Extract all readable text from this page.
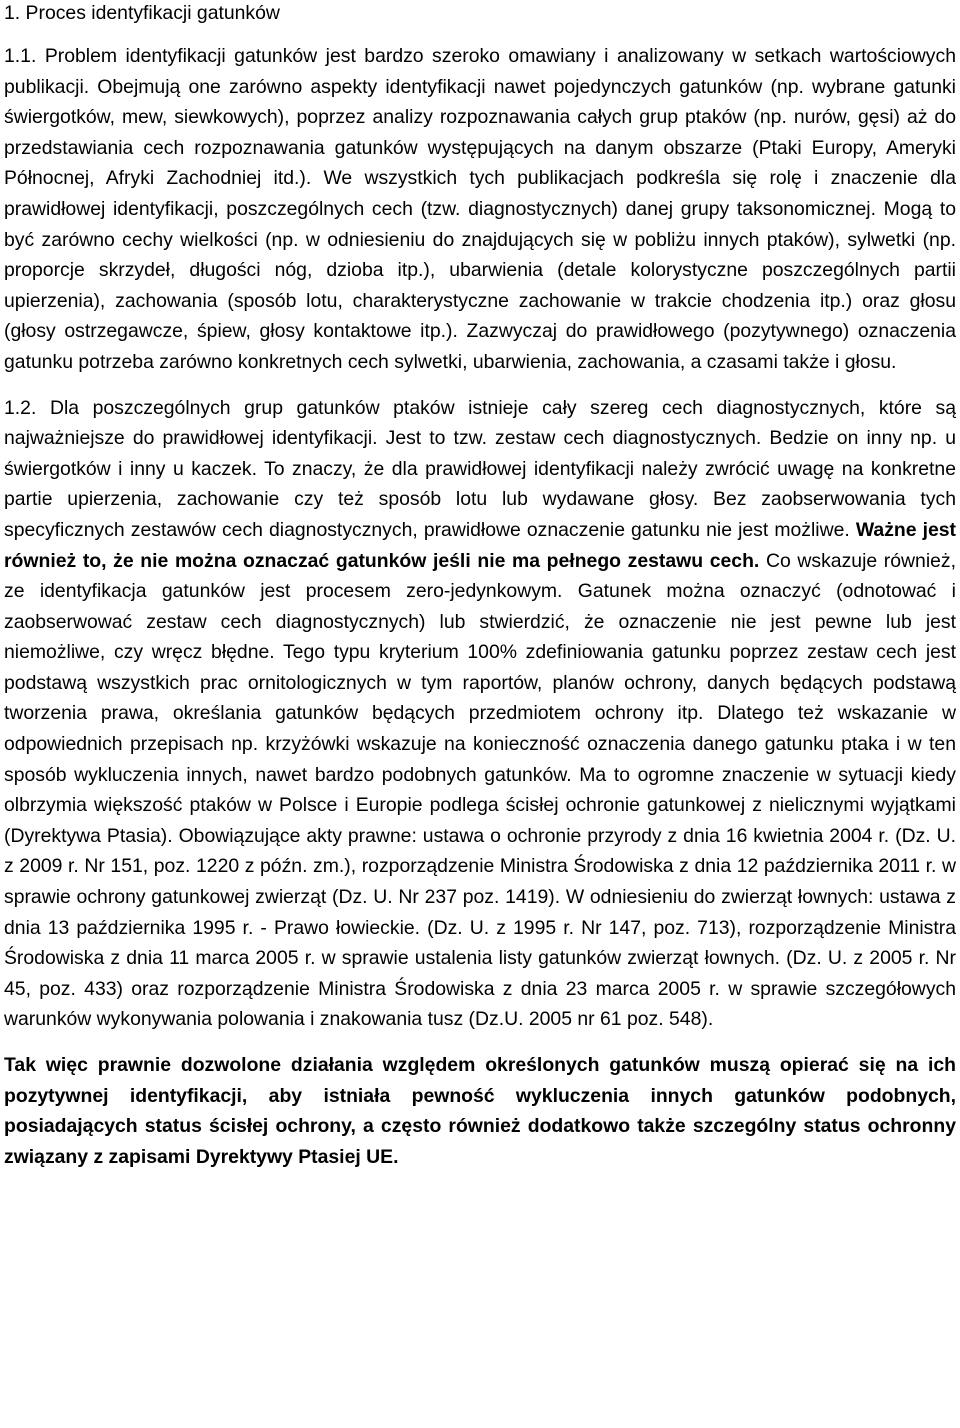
1. Proces identyfikacji gatunków

1.1. Problem identyfikacji gatunków jest bardzo szeroko omawiany i analizowany w setkach wartościowych publikacji. Obejmują one zarówno aspekty identyfikacji nawet pojedynczych gatunków (np. wybrane gatunki świergotków, mew, siewkowych), poprzez analizy rozpoznawania całych grup ptaków (np. nurów, gęsi) aż do przedstawiania cech rozpoznawania gatunków występujących na danym obszarze (Ptaki Europy, Ameryki Północnej, Afryki Zachodniej itd.). We wszystkich tych publikacjach podkreśla się rolę i znaczenie dla prawidłowej identyfikacji, poszczególnych cech (tzw. diagnostycznych) danej grupy taksonomicznej. Mogą to być zarówno cechy wielkości (np. w odniesieniu do znajdujących się w pobliżu innych ptaków), sylwetki (np. proporcje skrzydeł, długości nóg, dzioba itp.), ubarwienia (detale kolorystyczne poszczególnych partii upierzenia), zachowania (sposób lotu, charakterystyczne zachowanie w trakcie chodzenia itp.) oraz głosu (głosy ostrzegawcze, śpiew, głosy kontaktowe itp.). Zazwyczaj do prawidłowego (pozytywnego) oznaczenia gatunku potrzeba zarówno konkretnych cech sylwetki, ubarwienia, zachowania, a czasami także i głosu.

1.2. Dla poszczególnych grup gatunków ptaków istnieje cały szereg cech diagnostycznych, które są najważniejsze do prawidłowej identyfikacji. Jest to tzw. zestaw cech diagnostycznych. Bedzie on inny np. u świergotków i inny u kaczek. To znaczy, że dla prawidłowej identyfikacji należy zwrócić uwagę na konkretne partie upierzenia, zachowanie czy też sposób lotu lub wydawane głosy. Bez zaobserwowania tych specyficznych zestawów cech diagnostycznych, prawidłowe oznaczenie gatunku nie jest możliwe. Ważne jest również to, że nie można oznaczać gatunków jeśli nie ma pełnego zestawu cech. Co wskazuje również, ze identyfikacja gatunków jest procesem zero-jedynkowym. Gatunek można oznaczyć (odnotować i zaobserwować zestaw cech diagnostycznych) lub stwierdzić, że oznaczenie nie jest pewne lub jest niemożliwe, czy wręcz błędne. Tego typu kryterium 100% zdefiniowania gatunku poprzez zestaw cech jest podstawą wszystkich prac ornitologicznych w tym raportów, planów ochrony, danych będących podstawą tworzenia prawa, określania gatunków będących przedmiotem ochrony itp. Dlatego też wskazanie w odpowiednich przepisach np. krzyżówki wskazuje na konieczność oznaczenia danego gatunku ptaka i w ten sposób wykluczenia innych, nawet bardzo podobnych gatunków. Ma to ogromne znaczenie w sytuacji kiedy olbrzymia większość ptaków w Polsce i Europie podlega ścisłej ochronie gatunkowej z nielicznymi wyjątkami (Dyrektywa Ptasia). Obowiązujące akty prawne: ustawa o ochronie przyrody z dnia 16 kwietnia 2004 r. (Dz. U. z 2009 r. Nr 151, poz. 1220 z późn. zm.), rozporządzenie Ministra Środowiska z dnia 12 października 2011 r. w sprawie ochrony gatunkowej zwierząt (Dz. U. Nr 237 poz. 1419). W odniesieniu do zwierząt łownych: ustawa z dnia 13 października 1995 r. - Prawo łowieckie. (Dz. U. z 1995 r. Nr 147, poz. 713), rozporządzenie Ministra Środowiska z dnia 11 marca 2005 r. w sprawie ustalenia listy gatunków zwierząt łownych. (Dz. U. z 2005 r. Nr 45, poz. 433) oraz rozporządzenie Ministra Środowiska z dnia 23 marca 2005 r. w sprawie szczegółowych warunków wykonywania polowania i znakowania tusz (Dz.U. 2005 nr 61 poz. 548).

Tak więc prawnie dozwolone działania względem określonych gatunków muszą opierać się na ich pozytywnej identyfikacji, aby istniała pewność wykluczenia innych gatunków podobnych, posiadających status ścisłej ochrony, a często również dodatkowo także szczególny status ochronny związany z zapisami Dyrektywy Ptasiej UE.
